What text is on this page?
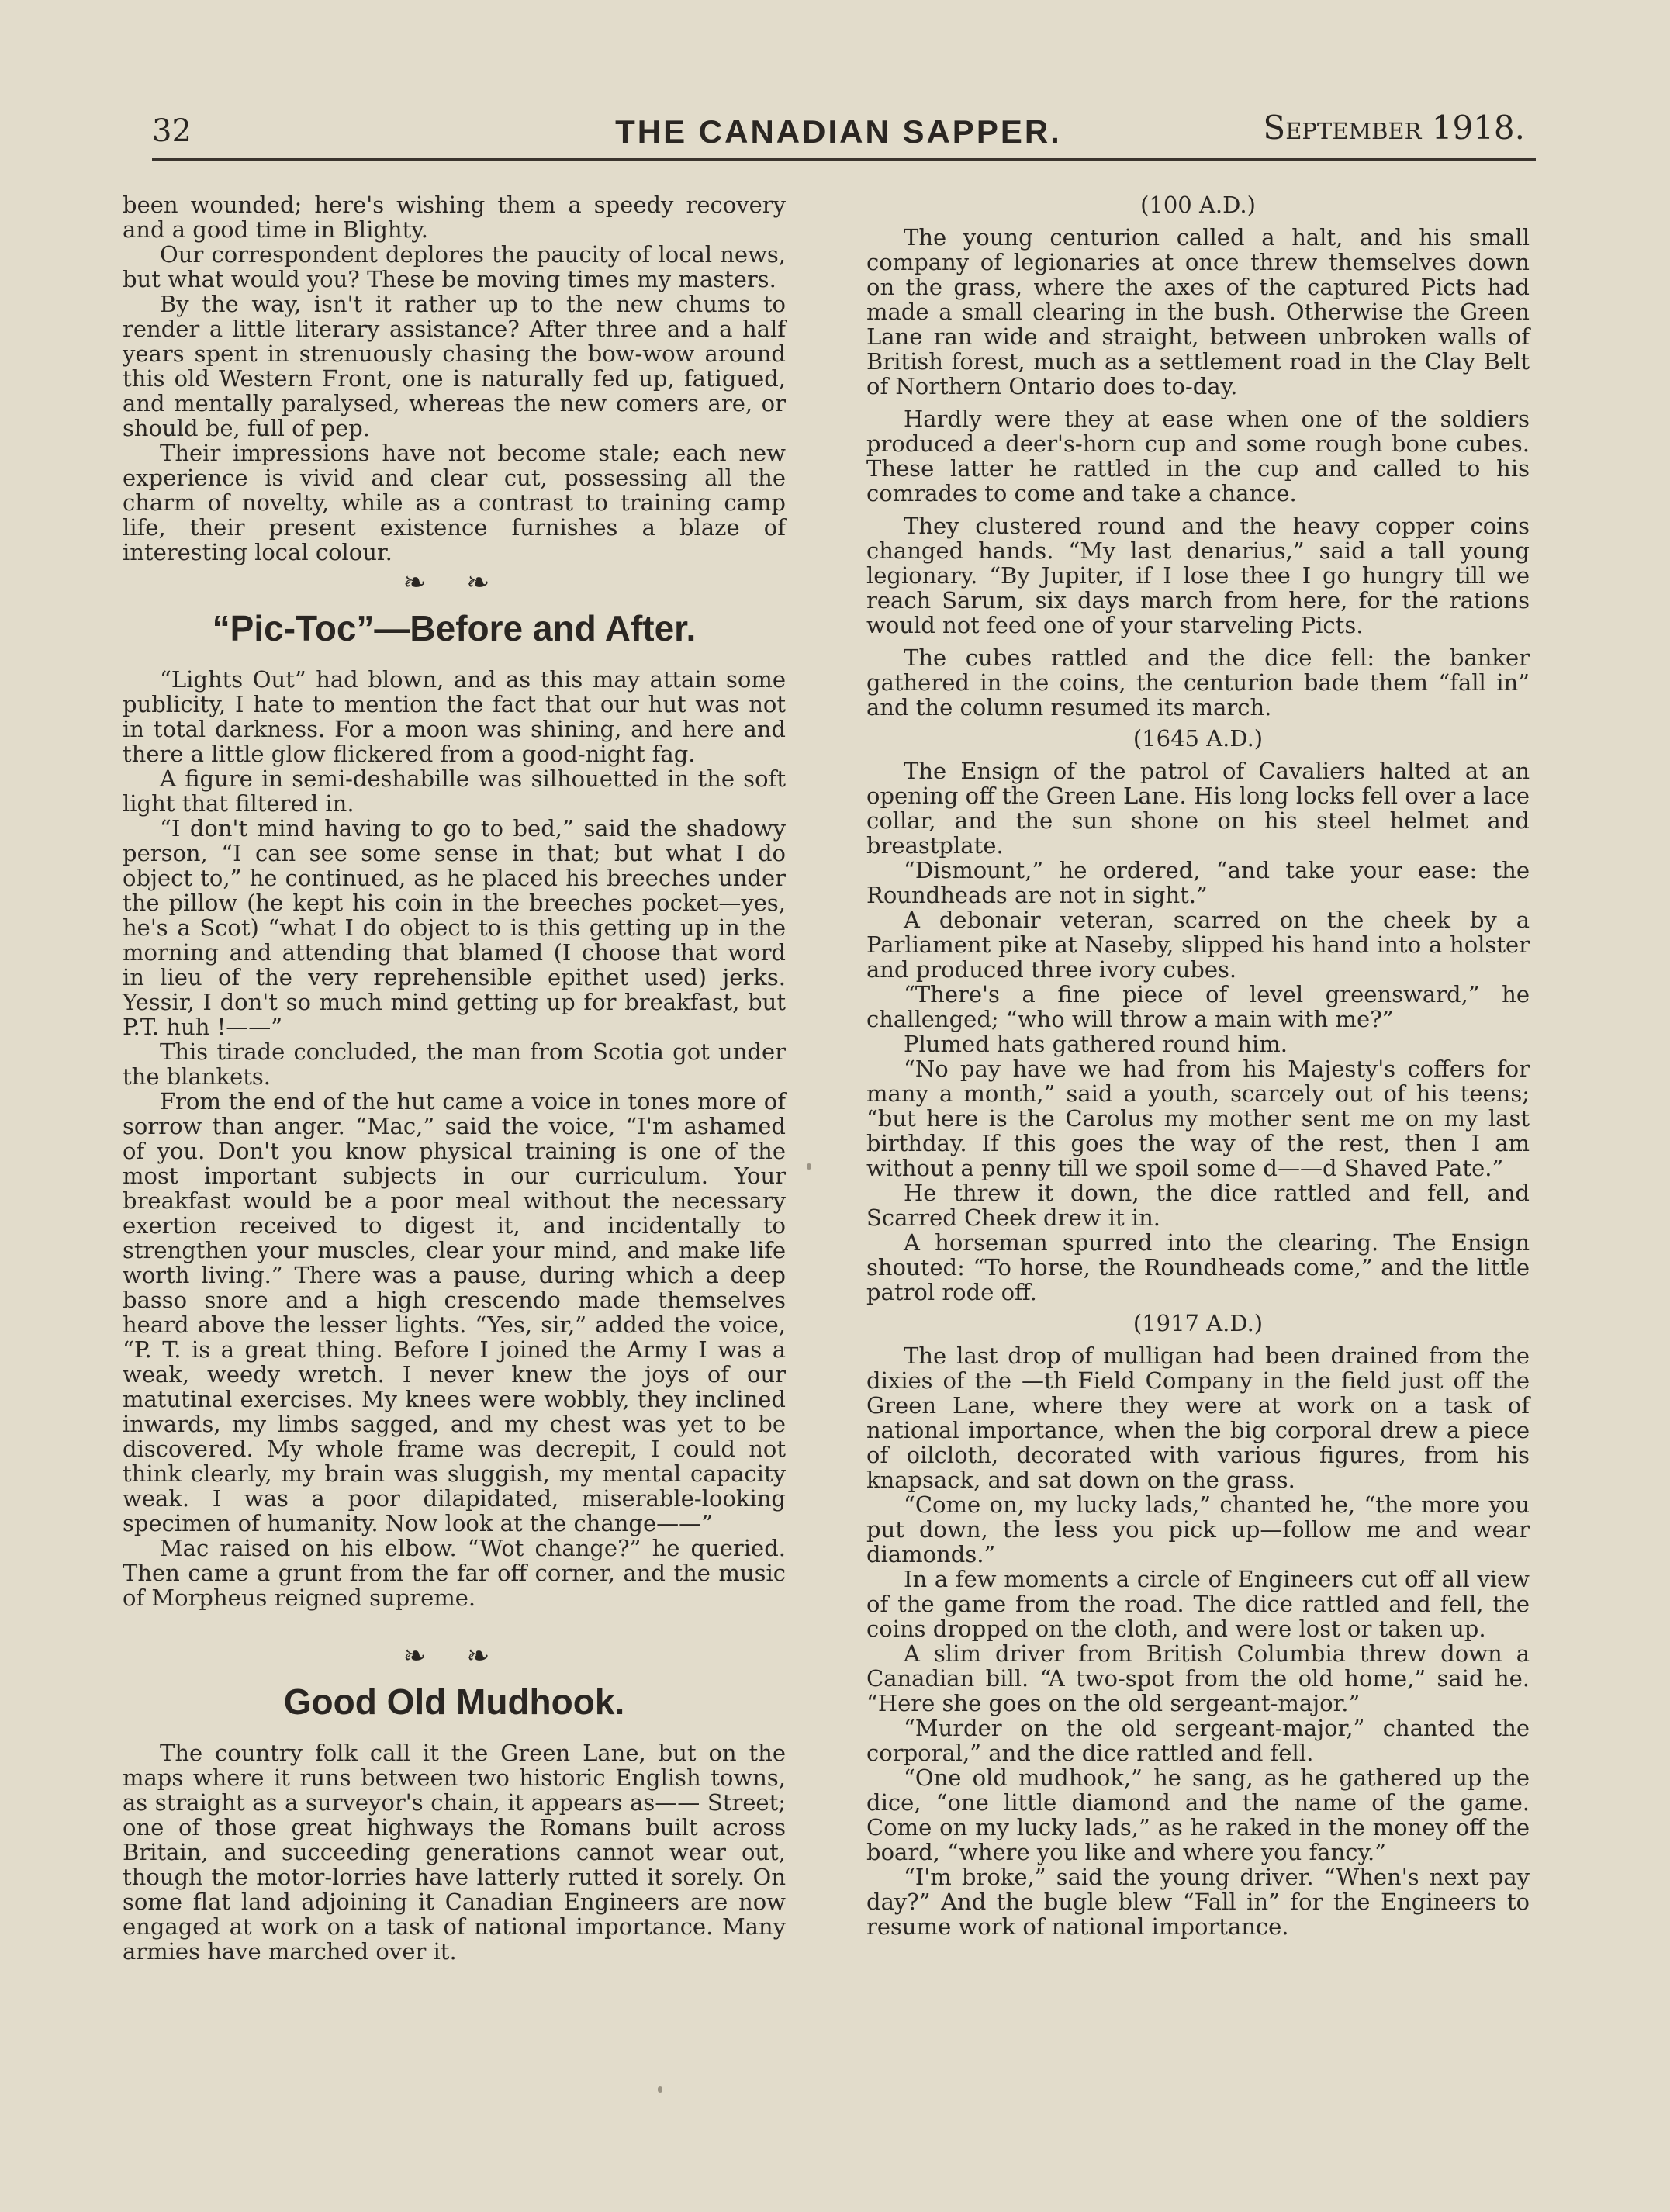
32	THE CANADIAN SAPPER.	September 1918.

been wounded; here's wishing them a speedy recovery and a good time in Blighty.

Our correspondent deplores the paucity of local news, but what would you? These be moving times my masters.

By the way, isn't it rather up to the new chums to render a little literary assistance? After three and a half years spent in strenuously chasing the bow-wow around this old Western Front, one is naturally fed up, fatigued, and mentally paralysed, whereas the new comers are, or should be, full of pep.

Their impressions have not become stale; each new experience is vivid and clear cut, possessing all the charm of novelty, while as a contrast to training camp life, their present existence furnishes a blaze of interesting local colour.

❧ ❧
“Pic-Toc”—Before and After.

“Lights Out” had blown, and as this may attain some publicity, I hate to mention the fact that our hut was not in total darkness. For a moon was shining, and here and there a little glow flickered from a good-night fag.

A figure in semi-deshabille was silhouetted in the soft light that filtered in.

“I don't mind having to go to bed,” said the shadowy person, “I can see some sense in that; but what I do object to,” he continued, as he placed his breeches under the pillow (he kept his coin in the breeches pocket—yes, he's a Scot) “what I do object to is this getting up in the morning and attending that blamed (I choose that word in lieu of the very reprehensible epithet used) jerks. Yessir, I don't so much mind getting up for breakfast, but P.T. huh !——”

This tirade concluded, the man from Scotia got under the blankets.

From the end of the hut came a voice in tones more of sorrow than anger. “Mac,” said the voice, “I'm ashamed of you. Don't you know physical training is one of the most important subjects in our curriculum. Your breakfast would be a poor meal without the necessary exertion received to digest it, and incidentally to strengthen your muscles, clear your mind, and make life worth living.” There was a pause, during which a deep basso snore and a high crescendo made themselves heard above the lesser lights. “Yes, sir,” added the voice, “P. T. is a great thing. Before I joined the Army I was a weak, weedy wretch. I never knew the joys of our matutinal exercises. My knees were wobbly, they inclined inwards, my limbs sagged, and my chest was yet to be discovered. My whole frame was decrepit, I could not think clearly, my brain was sluggish, my mental capacity weak. I was a poor dilapidated, miserable-looking specimen of humanity. Now look at the change——”

Mac raised on his elbow. “Wot change?” he queried. Then came a grunt from the far off corner, and the music of Morpheus reigned supreme.

❧ ❧
Good Old Mudhook.

The country folk call it the Green Lane, but on the maps where it runs between two historic English towns, as straight as a surveyor's chain, it appears as—— Street; one of those great highways the Romans built across Britain, and succeeding generations cannot wear out, though the motor-lorries have latterly rutted it sorely. On some flat land adjoining it Canadian Engineers are now engaged at work on a task of national importance. Many armies have marched over it.

(100 A.D.)

The young centurion called a halt, and his small company of legionaries at once threw themselves down on the grass, where the axes of the captured Picts had made a small clearing in the bush. Otherwise the Green Lane ran wide and straight, between unbroken walls of British forest, much as a settlement road in the Clay Belt of Northern Ontario does to-day.

Hardly were they at ease when one of the soldiers produced a deer's-horn cup and some rough bone cubes. These latter he rattled in the cup and called to his comrades to come and take a chance.

They clustered round and the heavy copper coins changed hands. “My last denarius,” said a tall young legionary. “By Jupiter, if I lose thee I go hungry till we reach Sarum, six days march from here, for the rations would not feed one of your starveling Picts.

The cubes rattled and the dice fell: the banker gathered in the coins, the centurion bade them “fall in” and the column resumed its march.

(1645 A.D.)

The Ensign of the patrol of Cavaliers halted at an opening off the Green Lane. His long locks fell over a lace collar, and the sun shone on his steel helmet and breastplate.

“Dismount,” he ordered, “and take your ease: the Roundheads are not in sight.”

A debonair veteran, scarred on the cheek by a Parliament pike at Naseby, slipped his hand into a holster and produced three ivory cubes.

“There's a fine piece of level greensward,” he challenged; “who will throw a main with me?”

Plumed hats gathered round him.

“No pay have we had from his Majesty's coffers for many a month,” said a youth, scarcely out of his teens; “but here is the Carolus my mother sent me on my last birthday. If this goes the way of the rest, then I am without a penny till we spoil some d——d Shaved Pate.”

He threw it down, the dice rattled and fell, and Scarred Cheek drew it in.

A horseman spurred into the clearing. The Ensign shouted: “To horse, the Roundheads come,” and the little patrol rode off.

(1917 A.D.)

The last drop of mulligan had been drained from the dixies of the —th Field Company in the field just off the Green Lane, where they were at work on a task of national importance, when the big corporal drew a piece of oilcloth, decorated with various figures, from his knapsack, and sat down on the grass.

“Come on, my lucky lads,” chanted he, “the more you put down, the less you pick up—follow me and wear diamonds.”

In a few moments a circle of Engineers cut off all view of the game from the road. The dice rattled and fell, the coins dropped on the cloth, and were lost or taken up.

A slim driver from British Columbia threw down a Canadian bill. “A two-spot from the old home,” said he. “Here she goes on the old sergeant-major.”

“Murder on the old sergeant-major,” chanted the corporal,” and the dice rattled and fell.

“One old mudhook,” he sang, as he gathered up the dice, “one little diamond and the name of the game. Come on my lucky lads,” as he raked in the money off the board, “where you like and where you fancy.”

“I'm broke,” said the young driver. “When's next pay day?” And the bugle blew “Fall in” for the Engineers to resume work of national importance.
